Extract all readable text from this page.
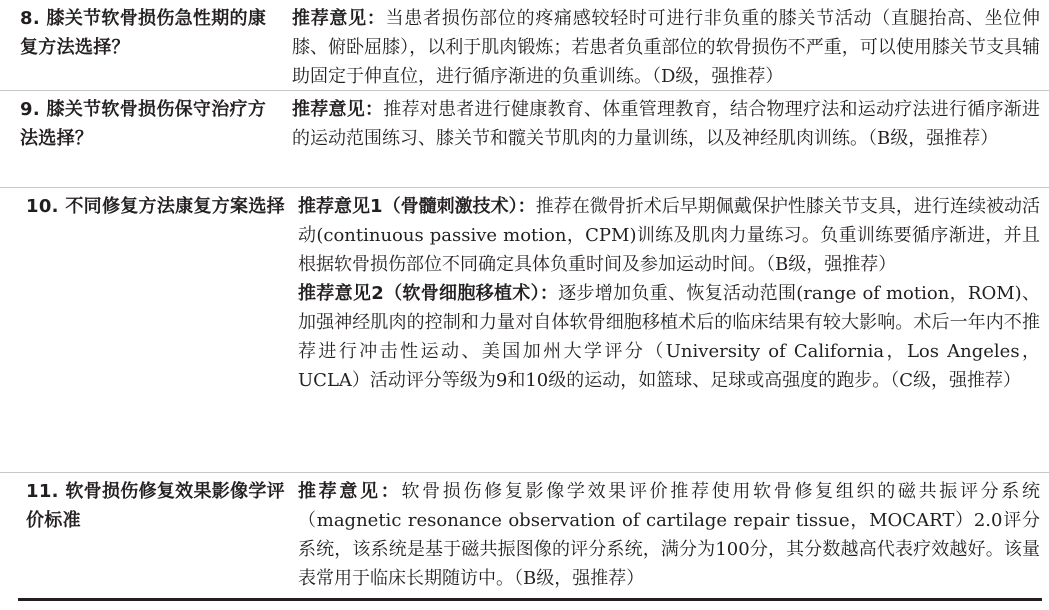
8. 膝关节软骨损伤急性期的康复方法选择？

推荐意见：当患者损伤部位的疼痛感较轻时可进行非负重的膝关节活动（直腿抬高、坐位伸膝、俯卧屈膝），以利于肌肉锻炼；若患者负重部位的软骨损伤不严重，可以使用膝关节支具辅助固定于伸直位，进行循序渐进的负重训练。（D级，强推荐）

9. 膝关节软骨损伤保守治疗方法选择？

推荐意见：推荐对患者进行健康教育、体重管理教育，结合物理疗法和运动疗法进行循序渐进的运动范围练习、膝关节和髋关节肌肉的力量训练，以及神经肌肉训练。（B级，强推荐）

10. 不同修复方法康复方案选择 推荐意见1（骨髓刺激技术）：推荐在微骨折术后早期佩戴保护性膝关节支具，进行连续被动活动(continuous passive motion，CPM)训练及肌肉力量练习。负重训练要循序渐进，并且根据软骨损伤部位不同确定具体负重时间及参加运动时间。（B级，强推荐）

推荐意见2（软骨细胞移植术）：逐步增加负重、恢复活动范围(range of motion，ROM)、加强神经肌肉的控制和力量对自体软骨细胞移植术后的临床结果有较大影响。术后一年内不推荐进行冲击性运动、美国加州大学评分（University of California，Los Angeles，UCLA）活动评分等级为9和10级的运动，如篮球、足球或高强度的跑步。（C级，强推荐）

11. 软骨损伤修复效果影像学评价标准

推荐意见：软骨损伤修复影像学效果评价推荐使用软骨修复组织的磁共振评分系统（magnetic resonance observation of cartilage repair tissue，MOCART）2.0评分系统，该系统是基于磁共振图像的评分系统，满分为100分，其分数越高代表疗效越好。该量表常用于临床长期随访中。（B级，强推荐）
